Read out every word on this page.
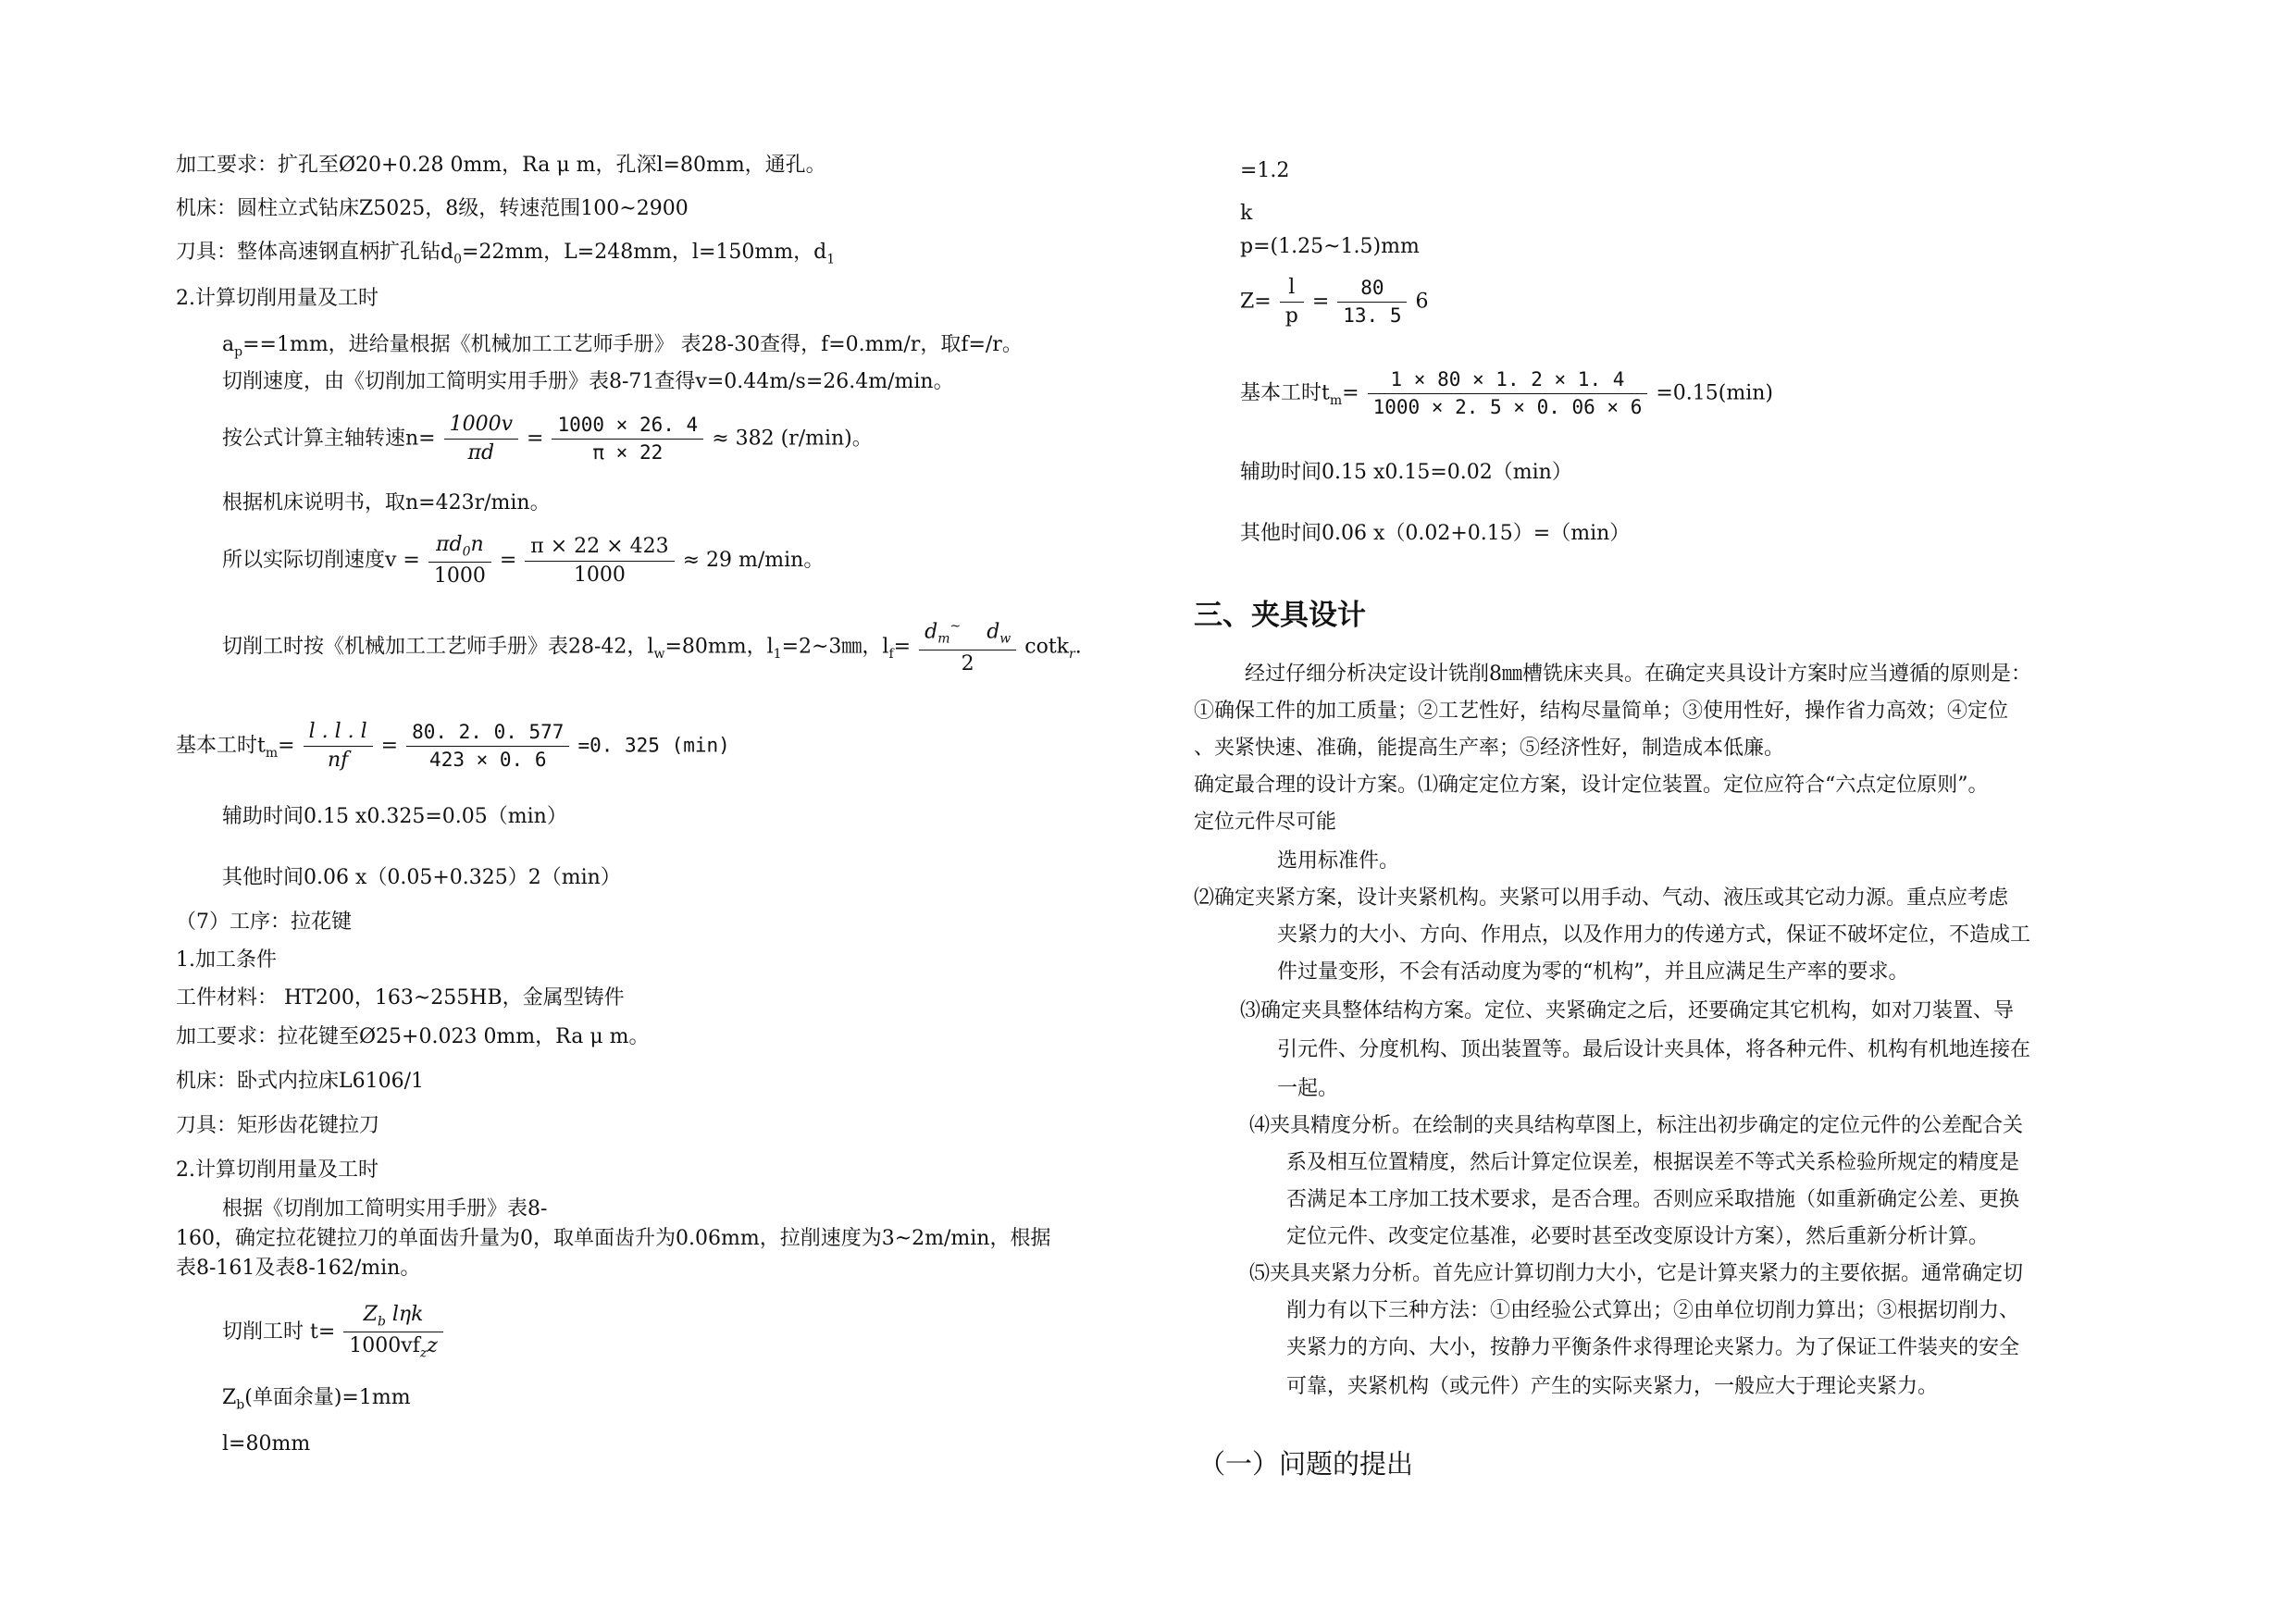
加工要求：扩孔至Ø20+0.28 0mm，Ra μ m，孔深l=80mm，通孔。
机床：圆柱立式钻床Z5025，8级，转速范围100~2900
刀具：整体高速钢直柄扩孔钻$d_0=22mm$，L=248mm，l=150mm，$d_1$
2.计算切削用量及工时
$a_p==1mm$，进给量根据《机械加工工艺师手册》 表28-30查得，f=0.mm/r，取f=/r。
切削速度，由《切削加工简明实用手册》表8-71查得v=0.44m/s=26.4m/min。
按公式计算主轴转速$n= \frac{1000v}{\pi d} = \frac{1000 \times 26. 4}{\pi \times 22} \approx 382$ (r/min)。
根据机床说明书，取n=423r/min。
所以实际切削速度$v = \frac{\pi d_0n}{1000} = \frac{\pi \times 22 \times 423}{1000} \approx 29$ m/min。
切削工时按《机械加工工艺师手册》表28-42，$l_w=80mm$，$l_1=2\sim 3㎜$，$l_f= \frac{d_m^\sim d_w}{2} \cot k_r$.
基本工时$t_m= \frac{l . l . l}{nf} = \frac{80. 2. 0. 577}{423 \times 0. 6} =0$. 325 (min)
辅助时间0.15 x0.325=0.05（min）
其他时间0.06 x（0.05+0.325）2（min）
（7）工序：拉花键
1.加工条件
工件材料： HT200，163~255HB，金属型铸件
加工要求：拉花键至Ø25+0.023 0mm，Ra μ m。
机床：卧式内拉床L6106/1
刀具：矩形齿花键拉刀
2.计算切削用量及工时
根据《切削加工简明实用手册》表8-
160，确定拉花键拉刀的单面齿升量为0，取单面齿升为0.06mm，拉削速度为3~2m/min，根据
表8-161及表8-162/min。
切削工时 $t= \frac{Z_b l\eta k}{1000vf_zz}$
$Z_b$(单面余量)=1mm
l=80mm
=1.2
k
p=(1.25~1.5)mm
$Z= \frac{l}{p} = \frac{80}{13. 5} 6$
基本工时$t_m= \frac{1 \times 80 \times 1. 2 \times 1. 4}{1000 \times 2. 5 \times 0. 06 \times 6} =0.15(\min)$
辅助时间0.15 x0.15=0.02（min）
其他时间0.06 x（0.02+0.15）=（min）
三、夹具设计
经过仔细分析决定设计铣削8㎜槽铣床夹具。在确定夹具设计方案时应当遵循的原则是：
①确保工件的加工质量；②工艺性好，结构尽量简单；③使用性好，操作省力高效；④定位
、夹紧快速、准确，能提高生产率；⑤经济性好，制造成本低廉。
确定最合理的设计方案。⑴确定定位方案，设计定位装置。定位应符合“六点定位原则”。
定位元件尽可能
选用标准件。
⑵确定夹紧方案，设计夹紧机构。夹紧可以用手动、气动、液压或其它动力源。重点应考虑
夹紧力的大小、方向、作用点，以及作用力的传递方式，保证不破坏定位，不造成工
件过量变形，不会有活动度为零的“机构”，并且应满足生产率的要求。
⑶确定夹具整体结构方案。定位、夹紧确定之后，还要确定其它机构，如对刀装置、导
引元件、分度机构、顶出装置等。最后设计夹具体，将各种元件、机构有机地连接在
一起。
⑷夹具精度分析。在绘制的夹具结构草图上，标注出初步确定的定位元件的公差配合关
系及相互位置精度，然后计算定位误差，根据误差不等式关系检验所规定的精度是
否满足本工序加工技术要求，是否合理。否则应采取措施（如重新确定公差、更换
定位元件、改变定位基准，必要时甚至改变原设计方案），然后重新分析计算。
⑸夹具夹紧力分析。首先应计算切削力大小，它是计算夹紧力的主要依据。通常确定切
削力有以下三种方法：①由经验公式算出；②由单位切削力算出；③根据切削力、
夹紧力的方向、大小，按静力平衡条件求得理论夹紧力。为了保证工件装夹的安全
可靠，夹紧机构（或元件）产生的实际夹紧力，一般应大于理论夹紧力。
（一）问题的提出
